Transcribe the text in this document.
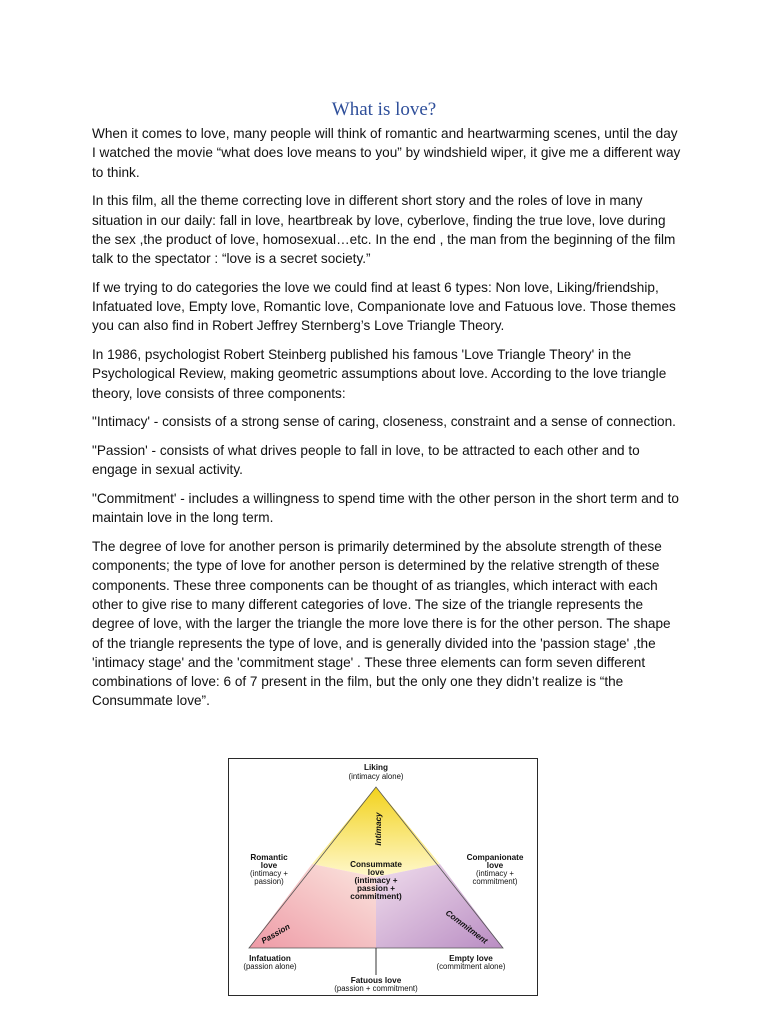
What is love?

When it comes to love, many people will think of romantic and heartwarming scenes, until the day I watched the movie “what does love means to you” by windshield wiper, it give me a different way to think.

In this film, all the theme correcting love in different short story and the roles of love in many situation in our daily: fall in love, heartbreak by love, cyberlove, finding the true love, love during the sex ,the product of love, homosexual…etc. In the end , the man from the beginning of the film talk to the spectator : “love is a secret society.”

If we trying to do categories the love we could find at least 6 types: Non love, Liking/friendship, Infatuated love, Empty love, Romantic love, Companionate love and Fatuous love. Those themes you can also find in Robert Jeffrey Sternberg’s Love Triangle Theory.

In 1986, psychologist Robert Steinberg published his famous 'Love Triangle Theory' in the Psychological Review, making geometric assumptions about love. According to the love triangle theory, love consists of three components:

"Intimacy' - consists of a strong sense of caring, closeness, constraint and a sense of connection.

"Passion' - consists of what drives people to fall in love, to be attracted to each other and to engage in sexual activity.

"Commitment' - includes a willingness to spend time with the other person in the short term and to maintain love in the long term.

The degree of love for another person is primarily determined by the absolute strength of these components; the type of love for another person is determined by the relative strength of these components. These three components can be thought of as triangles, which interact with each other to give rise to many different categories of love. The size of the triangle represents the degree of love, with the larger the triangle the more love there is for the other person. The shape of the triangle represents the type of love, and is generally divided into the 'passion stage' ,the 'intimacy stage' and the 'commitment stage' . These three elements can form seven different combinations of love: 6 of 7 present in the film, but the only one they didn’t realize is “the Consummate love”.

Intimacy
Passion	Commitment
Liking
(intimacy alone)
Romantic
love
(intimacy +
passion)
Companionate
love
(intimacy +
commitment)
Consummate
love
(intimacy +
passion +
commitment)
Infatuation
(passion alone)
Empty love
(commitment alone)
Fatuous love
(passion + commitment)
